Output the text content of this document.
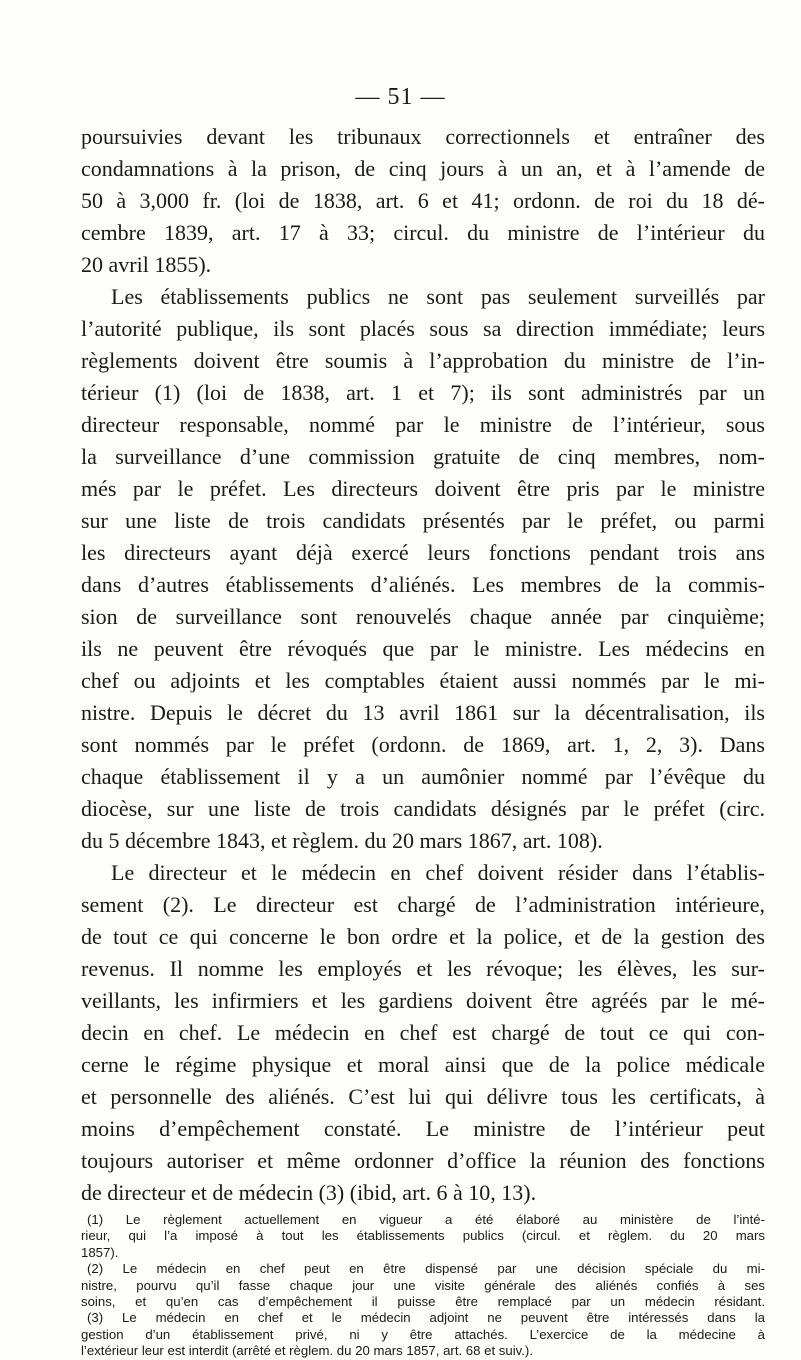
— 51 —
poursuivies devant les tribunaux correctionnels et entraîner des
condamnations à la prison, de cinq jours à un an, et à l’amende de
50 à 3,000 fr. (loi de 1838, art. 6 et 41; ordonn. de roi du 18 dé-
cembre 1839, art. 17 à 33; circul. du ministre de l’intérieur du
20 avril 1855).
Les établissements publics ne sont pas seulement surveillés par
l’autorité publique, ils sont placés sous sa direction immédiate; leurs
règlements doivent être soumis à l’approbation du ministre de l’in-
térieur (1) (loi de 1838, art. 1 et 7); ils sont administrés par un
directeur responsable, nommé par le ministre de l’intérieur, sous
la surveillance d’une commission gratuite de cinq membres, nom-
més par le préfet. Les directeurs doivent être pris par le ministre
sur une liste de trois candidats présentés par le préfet, ou parmi
les directeurs ayant déjà exercé leurs fonctions pendant trois ans
dans d’autres établissements d’aliénés. Les membres de la commis-
sion de surveillance sont renouvelés chaque année par cinquième;
ils ne peuvent être révoqués que par le ministre. Les médecins en
chef ou adjoints et les comptables étaient aussi nommés par le mi-
nistre. Depuis le décret du 13 avril 1861 sur la décentralisation, ils
sont nommés par le préfet (ordonn. de 1869, art. 1, 2, 3). Dans
chaque établissement il y a un aumônier nommé par l’évêque du
diocèse, sur une liste de trois candidats désignés par le préfet (circ.
du 5 décembre 1843, et règlem. du 20 mars 1867, art. 108).
Le directeur et le médecin en chef doivent résider dans l’établis-
sement (2). Le directeur est chargé de l’administration intérieure,
de tout ce qui concerne le bon ordre et la police, et de la gestion des
revenus. Il nomme les employés et les révoque; les élèves, les sur-
veillants, les infirmiers et les gardiens doivent être agréés par le mé-
decin en chef. Le médecin en chef est chargé de tout ce qui con-
cerne le régime physique et moral ainsi que de la police médicale
et personnelle des aliénés. C’est lui qui délivre tous les certificats, à
moins d’empêchement constaté. Le ministre de l’intérieur peut
toujours autoriser et même ordonner d’office la réunion des fonctions
de directeur et de médecin (3) (ibid, art. 6 à 10, 13).
(1) Le règlement actuellement en vigueur a été élaboré au ministère de l’inté-
rieur, qui l’a imposé à tout les établissements publics (circul. et règlem. du 20 mars
1857).
(2) Le médecin en chef peut en être dispensé par une décision spéciale du mi-
nistre, pourvu qu’il fasse chaque jour une visite générale des aliénés confiés à ses
soins, et qu’en cas d’empêchement il puisse être remplacé par un médecin résidant.
(3) Le médecin en chef et le médecin adjoint ne peuvent être intéressés dans la
gestion d’un établissement privé, ni y être attachés. L’exercice de la médecine à
l’extérieur leur est interdit (arrêté et règlem. du 20 mars 1857, art. 68 et suiv.).
